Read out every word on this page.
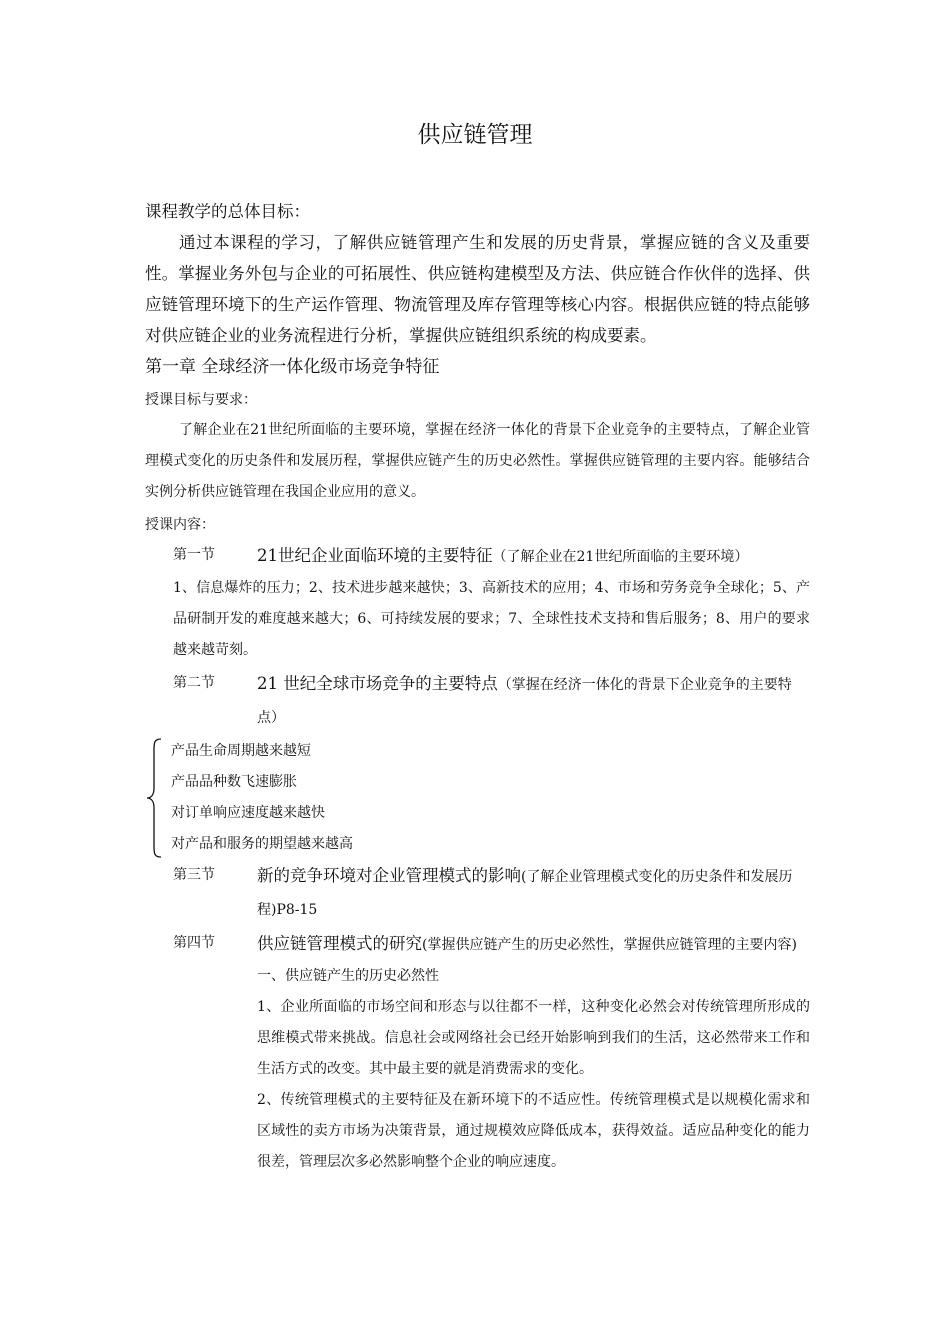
供应链管理

课程教学的总体目标：

通过本课程的学习，了解供应链管理产生和发展的历史背景，掌握应链的含义及重要性。掌握业务外包与企业的可拓展性、供应链构建模型及方法、供应链合作伙伴的选择、供应链管理环境下的生产运作管理、物流管理及库存管理等核心内容。根据供应链的特点能够对供应链企业的业务流程进行分析，掌握供应链组织系统的构成要素。

第一章 全球经济一体化级市场竞争特征

授课目标与要求：

了解企业在21世纪所面临的主要环境，掌握在经济一体化的背景下企业竞争的主要特点，了解企业管理模式变化的历史条件和发展历程，掌握供应链产生的历史必然性。掌握供应链管理的主要内容。能够结合实例分析供应链管理在我国企业应用的意义。

授课内容：

第一节	21世纪企业面临环境的主要特征（了解企业在21世纪所面临的主要环境）

1、信息爆炸的压力；2、技术进步越来越快；3、高新技术的应用；4、市场和劳务竞争全球化；5、产品研制开发的难度越来越大；6、可持续发展的要求；7、全球性技术支持和售后服务；8、用户的要求越来越苛刻。

第二节	21 世纪全球市场竞争的主要特点（掌握在经济一体化的背景下企业竞争的主要特点）
产品生命周期越来越短
产品品种数飞速膨胀
对订单响应速度越来越快
对产品和服务的期望越来越高
第三节	新的竞争环境对企业管理模式的影响(了解企业管理模式变化的历史条件和发展历程)P8-15
第四节	供应链管理模式的研究(掌握供应链产生的历史必然性，掌握供应链管理的主要内容)

一、供应链产生的历史必然性

1、企业所面临的市场空间和形态与以往都不一样，这种变化必然会对传统管理所形成的思维模式带来挑战。信息社会或网络社会已经开始影响到我们的生活，这必然带来工作和生活方式的改变。其中最主要的就是消费需求的变化。

2、传统管理模式的主要特征及在新环境下的不适应性。传统管理模式是以规模化需求和区域性的卖方市场为决策背景，通过规模效应降低成本，获得效益。适应品种变化的能力很差，管理层次多必然影响整个企业的响应速度。
